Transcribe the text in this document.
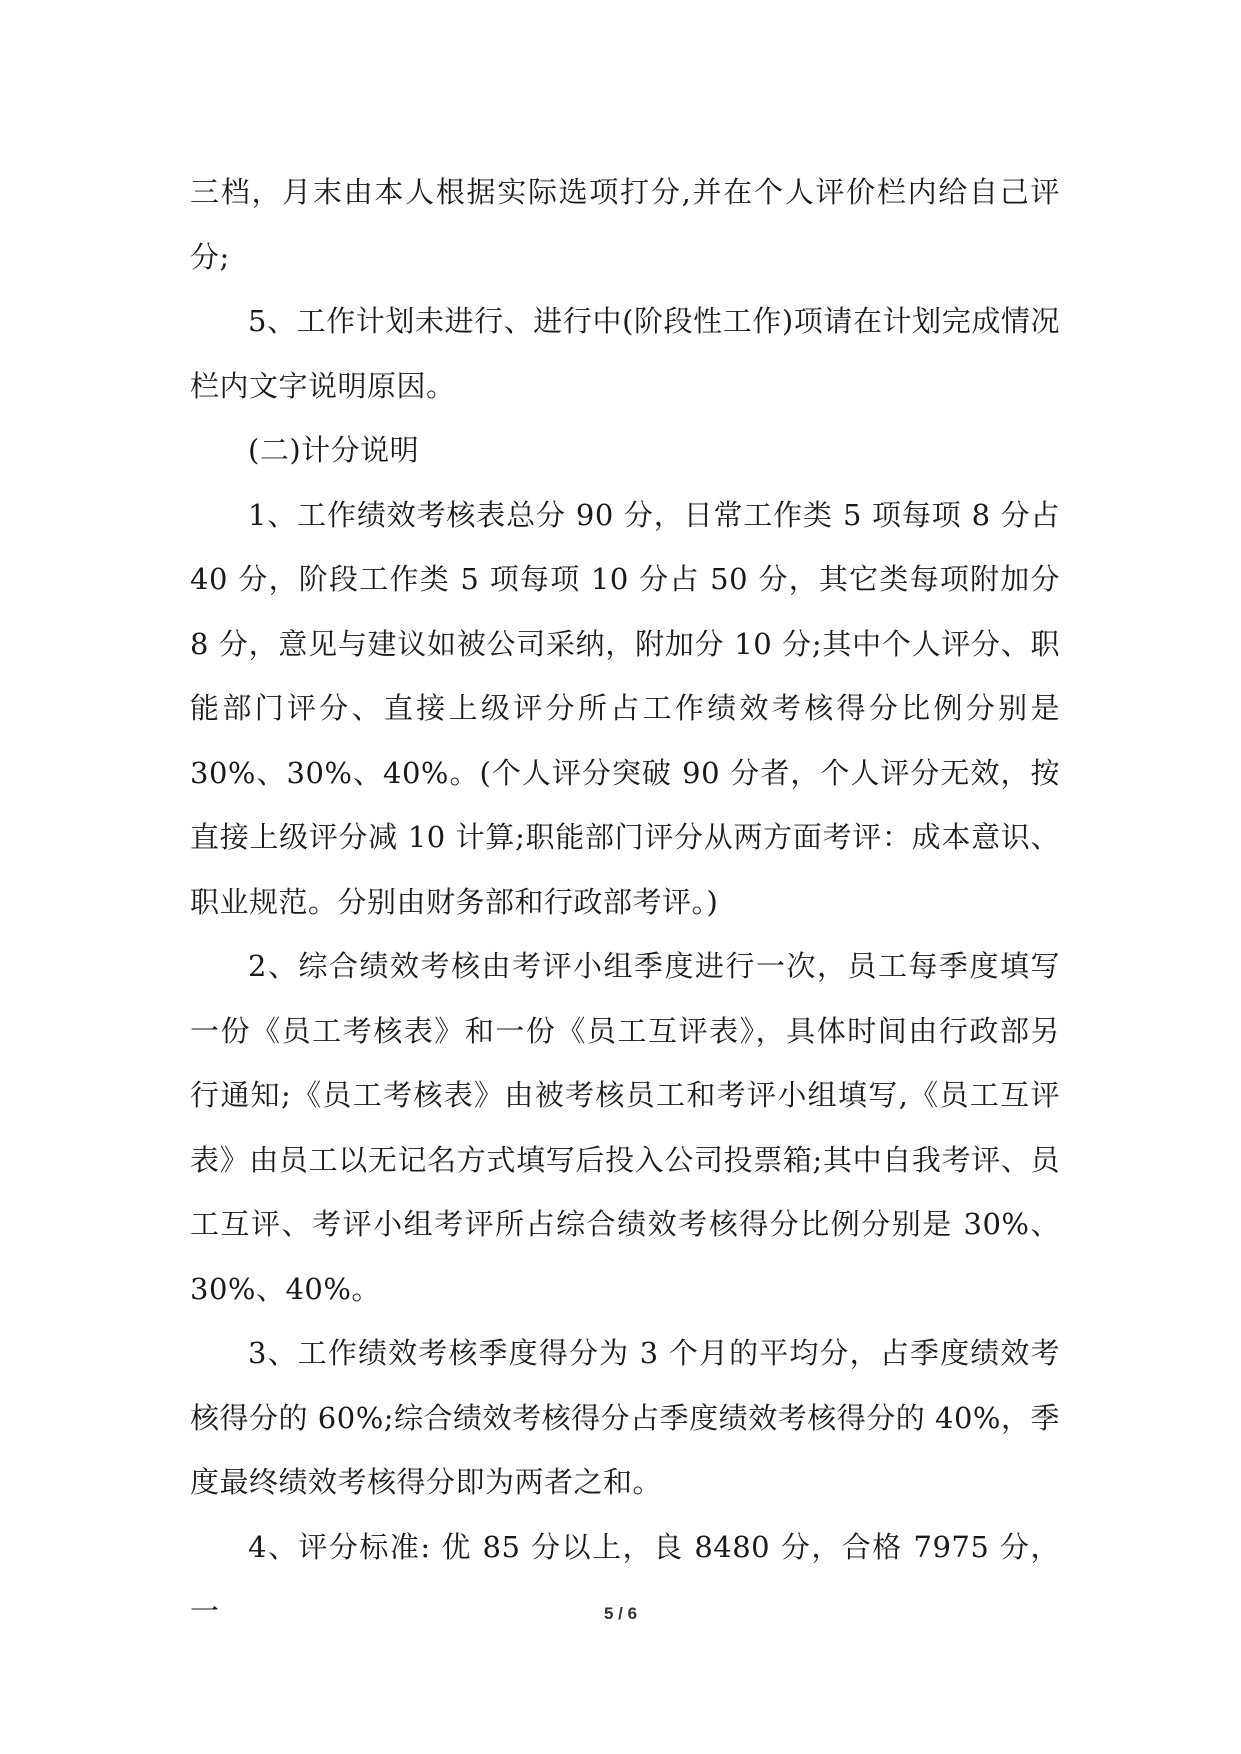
三档，月末由本人根据实际选项打分,并在个人评价栏内给自己评分;

5、工作计划未进行、进行中(阶段性工作)项请在计划完成情况栏内文字说明原因。

(二)计分说明

1、工作绩效考核表总分 90 分，日常工作类 5 项每项 8 分占 40 分，阶段工作类 5 项每项 10 分占 50 分，其它类每项附加分 8 分，意见与建议如被公司采纳，附加分 10 分;其中个人评分、职能部门评分、直接上级评分所占工作绩效考核得分比例分别是 30%、30%、40%。(个人评分突破 90 分者，个人评分无效，按直接上级评分减 10 计算;职能部门评分从两方面考评：成本意识、职业规范。分别由财务部和行政部考评。)

2、综合绩效考核由考评小组季度进行一次，员工每季度填写一份《员工考核表》和一份《员工互评表》，具体时间由行政部另行通知;《员工考核表》由被考核员工和考评小组填写,《员工互评表》由员工以无记名方式填写后投入公司投票箱;其中自我考评、员工互评、考评小组考评所占综合绩效考核得分比例分别是 30%、30%、40%。

3、工作绩效考核季度得分为 3 个月的平均分，占季度绩效考核得分的 60%;综合绩效考核得分占季度绩效考核得分的 40%，季度最终绩效考核得分即为两者之和。

4、评分标准: 优 85 分以上，良 8480 分，合格 7975 分，一	5 / 6
